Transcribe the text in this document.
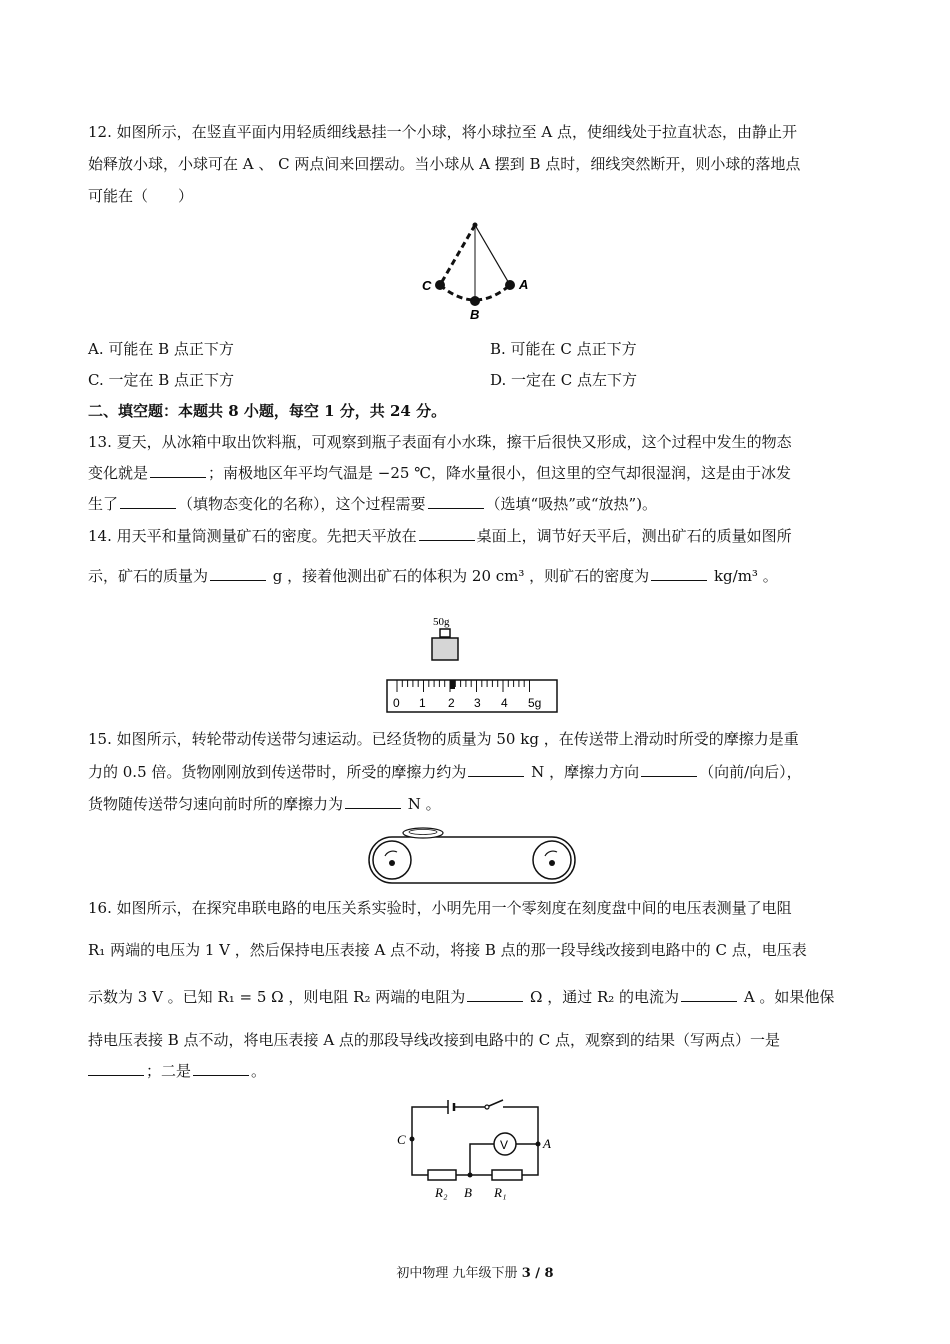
12. 如图所示，在竖直平面内用轻质细线悬挂一个小球，将小球拉至 A 点，使细线处于拉直状态，由静止开
始释放小球，小球可在 A 、 C 两点间来回摆动。当小球从 A 摆到 B 点时，细线突然断开，则小球的落地点
可能在（　　）
C	A
B
A. 可能在 B 点正下方	B. 可能在 C 点正下方
C. 一定在 B 点正下方	D. 一定在 C 点左下方
二、填空题：本题共 8 小题，每空 1 分，共 24 分。
13. 夏天，从冰箱中取出饮料瓶，可观察到瓶子表面有小水珠，擦干后很快又形成，这个过程中发生的物态
变化就是	；南极地区年平均气温是 −25 ℃，降水量很小，但这里的空气却很湿润，这是由于冰发
生了	（填物态变化的名称），这个过程需要	（选填“吸热”或“放热”)。
14. 用天平和量筒测量矿石的密度。先把天平放在	桌面上，调节好天平后，测出矿石的质量如图所
示，矿石的质量为	g ，接着他测出矿石的体积为 20 cm³ ，则矿石的密度为	kg/m³ 。
50g
0 1 2 3 4 5g
15. 如图所示，转轮带动传送带匀速运动。已经货物的质量为 50 kg ，在传送带上滑动时所受的摩擦力是重
力的 0.5 倍。货物刚刚放到传送带时，所受的摩擦力约为	N ，摩擦力方向	（向前/向后），
货物随传送带匀速向前时所的摩擦力为	N 。
16. 如图所示，在探究串联电路的电压关系实验时，小明先用一个零刻度在刻度盘中间的电压表测量了电阻
R₁ 两端的电压为 1 V ，然后保持电压表接 A 点不动，将接 B 点的那一段导线改接到电路中的 C 点，电压表
示数为 3 V 。已知 R₁ = 5 Ω ，则电阻 R₂ 两端的电阻为	Ω ，通过 R₂ 的电流为	A 。如果他保
持电压表接 B 点不动，将电压表接 A 点的那段导线改接到电路中的 C 点，观察到的结果（写两点）一是
；二是	。
V
C	A
R₂ B R₁
初中物理 九年级下册 3 / 8
